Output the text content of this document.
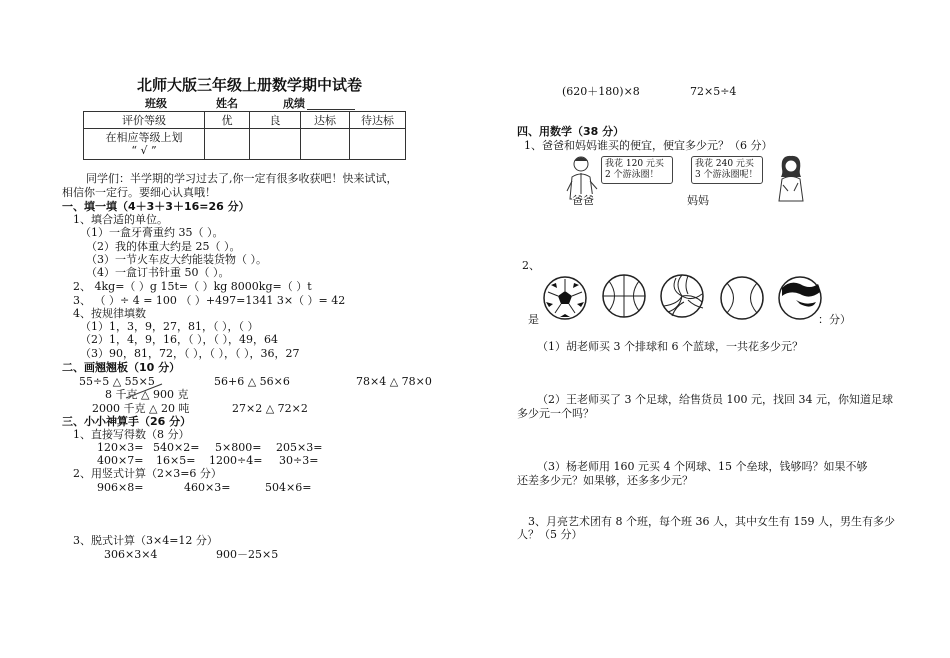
北师大版三年级上册数学期中试卷
班级	姓名	成绩
评价等级	优	良	达标	待达标

在相应等级上划
“ √ ”				

同学们：半学期的学习过去了,你一定有很多收获吧！快来试试，
相信你一定行。要细心认真哦！
一、填一填（4＋3＋3＋16=26 分）
1、填合适的单位。
（1）一盒牙膏重约 35（ ）。
（2）我的体重大约是 25（ ）。
（3）一节火车皮大约能装货物（ ）。
（4）一盒订书针重 50（ ）。
2、 4kg=（ ）g 15t=（ ）kg 8000kg=（ ）t
3、 （ ）÷ 4 = 100 （ ）+497=1341 3×（ ）= 42
4、按规律填数
（1）1，3，9，27，81，（ ），（ ）
（2）1，4，9，16，（ ），（ ），49，64
（3）90，81，72，（ ），（ ），（ ），36，27
二、画翘翘板（10 分）
55÷5 △ 55×5	56+6 △ 56×6	78×4 △ 78×0
8 千克 △ 900 克
2000 千克 △ 20 吨	27×2 △ 72×2
三、小小神算手（26 分）
1、直接写得数（8 分）
120×3= 540×2= 5×800= 205×3=
400×7= 16×5= 1200÷4= 30÷3=
2、用竖式计算（2×3=6 分）
906×8=	460×3=	504×6=
3、脱式计算（3×4=12 分）
306×3×4	900－25×5
(620＋180)×8	72×5÷4
四、用数学（38 分）
1、爸爸和妈妈谁买的便宜，便宜多少元？（6 分）
我花 120 元买 2 个游泳圈！
爸爸
我花 240 元买 3 个游泳圈呢！
妈妈
2、
是	：分）
（1）胡老师买 3 个排球和 6 个蓝球，一共花多少元？
（2）王老师买了 3 个足球，给售货员 100 元，找回 34 元，你知道足球
多少元一个吗？
（3）杨老师用 160 元买 4 个网球、15 个垒球，钱够吗？如果不够
还差多少元？如果够，还多多少元？
3、月亮艺术团有 8 个班，每个班 36 人，其中女生有 159 人，男生有多少
人？（5 分）
